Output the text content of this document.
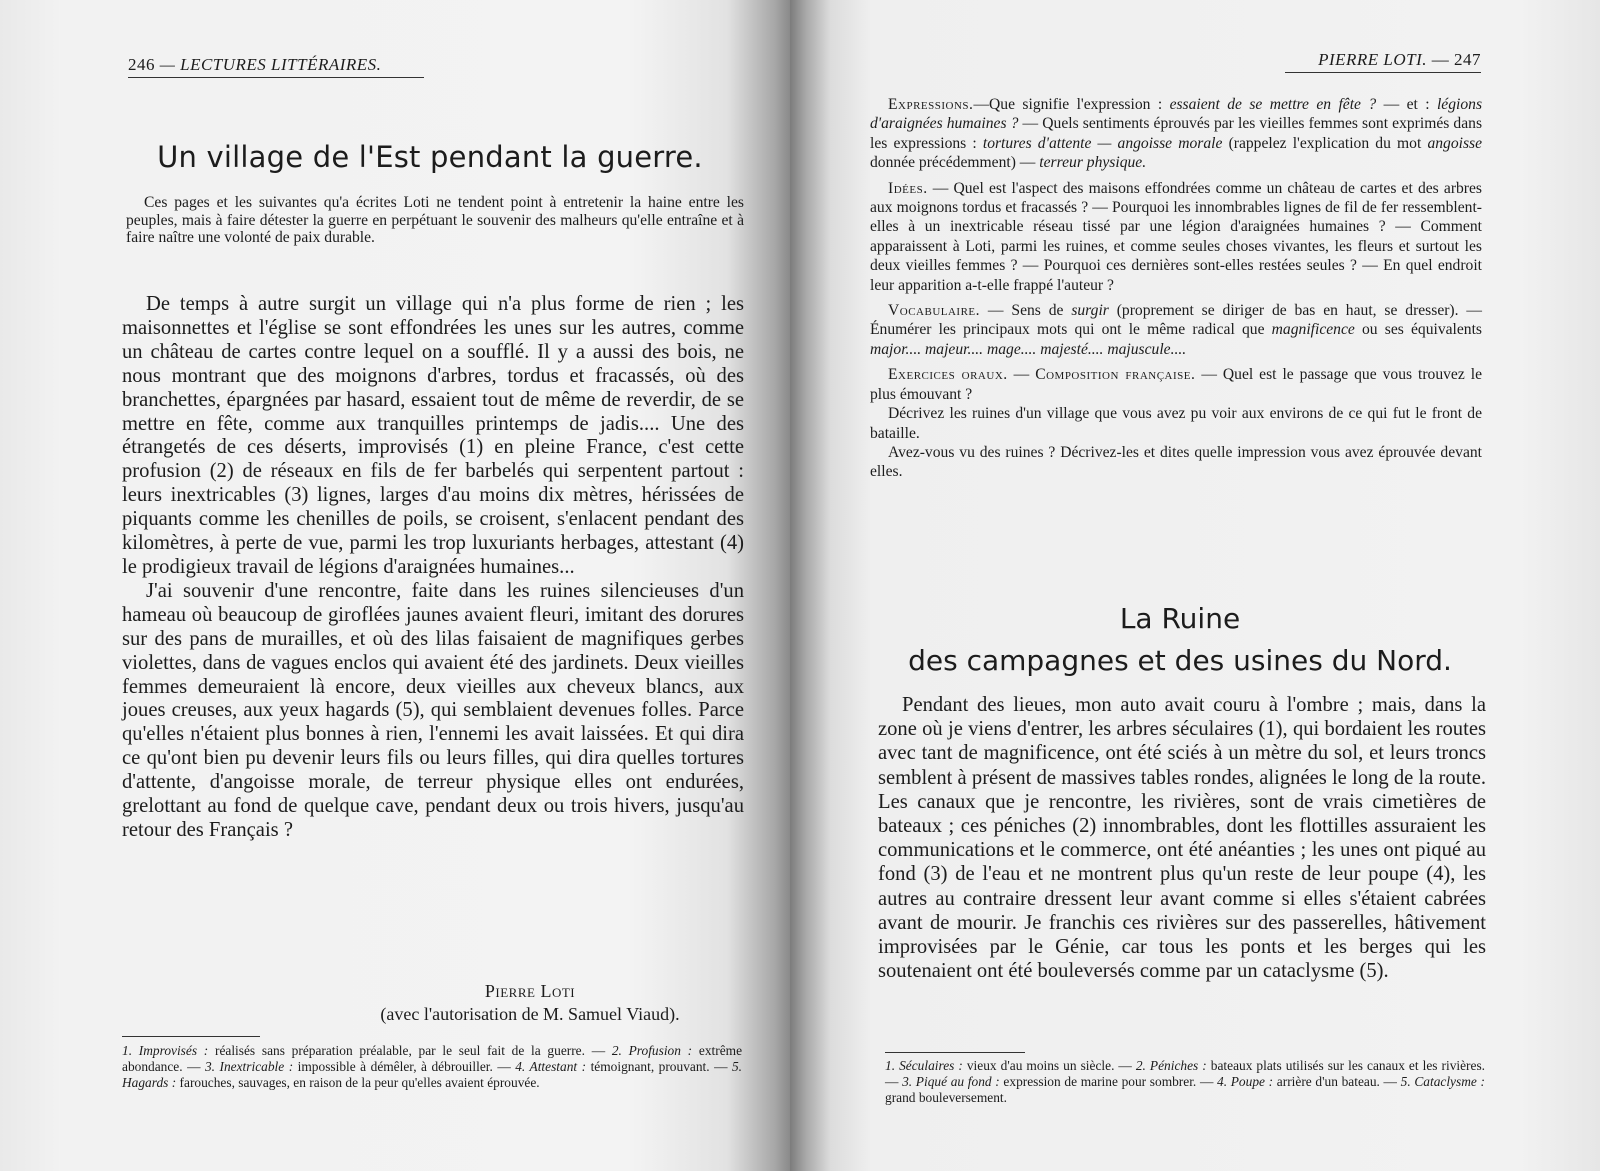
246 — LECTURES LITTÉRAIRES.
Un village de l'Est pendant la guerre.
Ces pages et les suivantes qu'a écrites Loti ne tendent point à entretenir la haine entre les peuples, mais à faire détester la guerre en perpétuant le souvenir des malheurs qu'elle entraîne et à faire naître une volonté de paix durable.

De temps à autre surgit un village qui n'a plus forme de rien ; les maisonnettes et l'église se sont effondrées les unes sur les autres, comme un château de cartes contre lequel on a soufflé. Il y a aussi des bois, ne nous montrant que des moignons d'arbres, tordus et fracassés, où des branchettes, épargnées par hasard, essaient tout de même de reverdir, de se mettre en fête, comme aux tranquilles printemps de jadis.... Une des étrangetés de ces déserts, improvisés (1) en pleine France, c'est cette profusion (2) de réseaux en fils de fer barbelés qui serpentent partout : leurs inextricables (3) lignes, larges d'au moins dix mètres, hérissées de piquants comme les chenilles de poils, se croisent, s'enlacent pendant des kilomètres, à perte de vue, parmi les trop luxuriants herbages, attestant (4) le prodigieux travail de légions d'araignées humaines...

J'ai souvenir d'une rencontre, faite dans les ruines silencieuses d'un hameau où beaucoup de giroflées jaunes avaient fleuri, imitant des dorures sur des pans de murailles, et où des lilas faisaient de magnifiques gerbes violettes, dans de vagues enclos qui avaient été des jardinets. Deux vieilles femmes demeuraient là encore, deux vieilles aux cheveux blancs, aux joues creuses, aux yeux hagards (5), qui semblaient devenues folles. Parce qu'elles n'étaient plus bonnes à rien, l'ennemi les avait laissées. Et qui dira ce qu'ont bien pu devenir leurs fils ou leurs filles, qui dira quelles tortures d'attente, d'angoisse morale, de terreur physique elles ont endurées, grelottant au fond de quelque cave, pendant deux ou trois hivers, jusqu'au retour des Français ?

Pierre Loti
(avec l'autorisation de M. Samuel Viaud).
1. Improvisés : réalisés sans préparation préalable, par le seul fait de la guerre. — 2. Profusion : extrême abondance. — 3. Inextricable : impossible à démêler, à débrouiller. — 4. Attestant : témoignant, prouvant. — 5. Hagards : farouches, sauvages, en raison de la peur qu'elles avaient éprouvée.
PIERRE LOTI. — 247

Expressions.—Que signifie l'expression : essaient de se mettre en fête ? — et : légions d'araignées humaines ? — Quels sentiments éprouvés par les vieilles femmes sont exprimés dans les expressions : tortures d'attente — angoisse morale (rappelez l'explication du mot angoisse donnée précédemment) — terreur physique.

Idées. — Quel est l'aspect des maisons effondrées comme un château de cartes et des arbres aux moignons tordus et fracassés ? — Pourquoi les innombrables lignes de fil de fer ressemblent-elles à un inextricable réseau tissé par une légion d'araignées humaines ? — Comment apparaissent à Loti, parmi les ruines, et comme seules choses vivantes, les fleurs et surtout les deux vieilles femmes ? — Pourquoi ces dernières sont-elles restées seules ? — En quel endroit leur apparition a-t-elle frappé l'auteur ?

Vocabulaire. — Sens de surgir (proprement se diriger de bas en haut, se dresser). — Énumérer les principaux mots qui ont le même radical que magnificence ou ses équivalents major.... majeur.... mage.... majesté.... majuscule....

Exercices oraux. — Composition française. — Quel est le passage que vous trouvez le plus émouvant ?

Décrivez les ruines d'un village que vous avez pu voir aux environs de ce qui fut le front de bataille.

Avez-vous vu des ruines ? Décrivez-les et dites quelle impression vous avez éprouvée devant elles.

La Ruine
des campagnes et des usines du Nord.

Pendant des lieues, mon auto avait couru à l'ombre ; mais, dans la zone où je viens d'entrer, les arbres séculaires (1), qui bordaient les routes avec tant de magnificence, ont été sciés à un mètre du sol, et leurs troncs semblent à présent de massives tables rondes, alignées le long de la route. Les canaux que je rencontre, les rivières, sont de vrais cimetières de bateaux ; ces péniches (2) innombrables, dont les flottilles assuraient les communications et le commerce, ont été anéanties ; les unes ont piqué au fond (3) de l'eau et ne montrent plus qu'un reste de leur poupe (4), les autres au contraire dressent leur avant comme si elles s'étaient cabrées avant de mourir. Je franchis ces rivières sur des passerelles, hâtivement improvisées par le Génie, car tous les ponts et les berges qui les soutenaient ont été bouleversés comme par un cataclysme (5).

1. Séculaires : vieux d'au moins un siècle. — 2. Péniches : bateaux plats utilisés sur les canaux et les rivières. — 3. Piqué au fond : expression de marine pour sombrer. — 4. Poupe : arrière d'un bateau. — 5. Cataclysme : grand bouleversement.
